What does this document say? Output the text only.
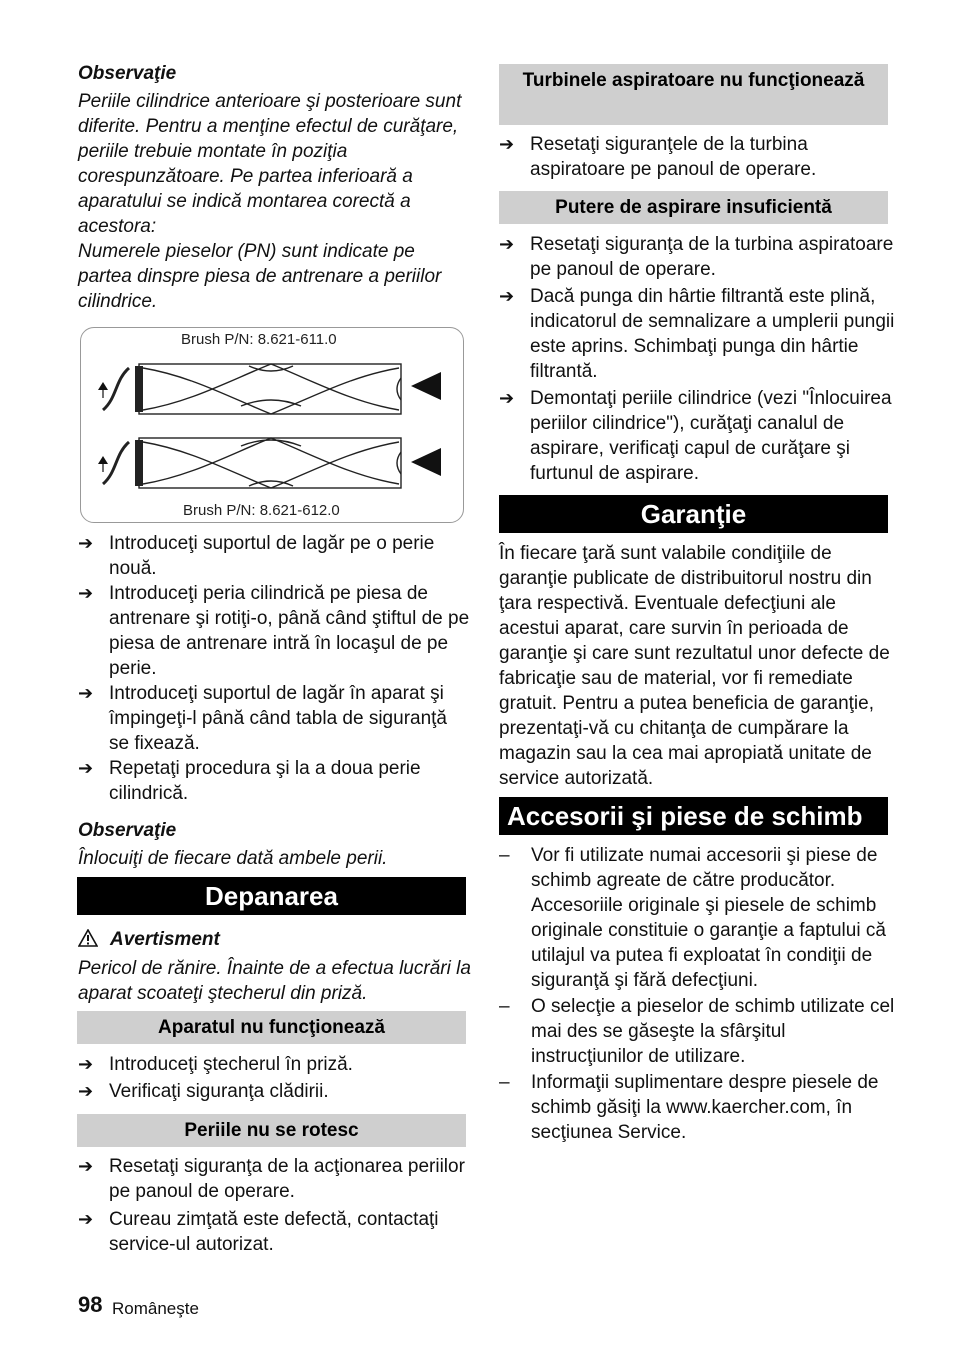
Observaţie
Periile cilindrice anterioare şi posterioare sunt diferite. Pentru a menţine efectul de curăţare, periile trebuie montate în poziţia corespunzătoare. Pe partea inferioară a aparatului se indică montarea corectă a acestora:
Numerele pieselor (PN) sunt indicate pe partea dinspre piesa de antrenare a periilor cilindrice.
Brush P/N: 8.621-611.0
Brush P/N: 8.621-612.0
➔ Introduceţi suportul de lagăr pe o perie nouă.
➔ Introduceţi peria cilindrică pe piesa de antrenare şi rotiţi-o, până când ştiftul de pe piesa de antrenare intră în locaşul de pe perie.
➔ Introduceţi suportul de lagăr în aparat şi împingeţi-l până când tabla de siguranţă se fixează.
➔ Repetaţi procedura şi la a doua perie cilindrică.
Observaţie
Înlocuiţi de fiecare dată ambele perii.
Depanarea
Avertisment
Pericol de rănire. Înainte de a efectua lucrări la aparat scoateţi ştecherul din priză.
Aparatul nu funcţionează
➔ Introduceţi ştecherul în priză.
➔ Verificaţi siguranţa clădirii.
Periile nu se rotesc
➔ Resetaţi siguranţa de la acţionarea periilor pe panoul de operare.
➔ Cureau zimţată este defectă, contactaţi service-ul autorizat.
Turbinele aspiratoare nu funcţionează
➔ Resetaţi siguranţele de la turbina aspiratoare pe panoul de operare.
Putere de aspirare insuficientă
➔ Resetaţi siguranţa de la turbina aspiratoare pe panoul de operare.
➔ Dacă punga din hârtie filtrantă este plină, indicatorul de semnalizare a umplerii pungii este aprins. Schimbaţi punga din hârtie filtrantă.
➔ Demontaţi periile cilindrice (vezi "Înlocuirea periilor cilindrice"), curăţaţi canalul de aspirare, verificaţi capul de curăţare şi furtunul de aspirare.
Garanţie
În fiecare ţară sunt valabile condiţiile de garanţie publicate de distribuitorul nostru din ţara respectivă. Eventuale defecţiuni ale acestui aparat, care survin în perioada de garanţie şi care sunt rezultatul unor defecte de fabricaţie sau de material, vor fi remediate gratuit. Pentru a putea beneficia de garanţie, prezentaţi-vă cu chitanţa de cumpărare la magazin sau la cea mai apropiată unitate de service autorizată.
Accesorii şi piese de schimb
– Vor fi utilizate numai accesorii şi piese de schimb agreate de către producător. Accesoriile originale şi piesele de schimb originale constituie o garanţie a faptului că utilajul va putea fi exploatat în condiţii de siguranţă şi fără defecţiuni.
– O selecţie a pieselor de schimb utilizate cel mai des se găseşte la sfârşitul instrucţiunilor de utilizare.
– Informaţii suplimentare despre piesele de schimb găsiţi la www.kaercher.com, în secţiunea Service.
98 Româneşte
